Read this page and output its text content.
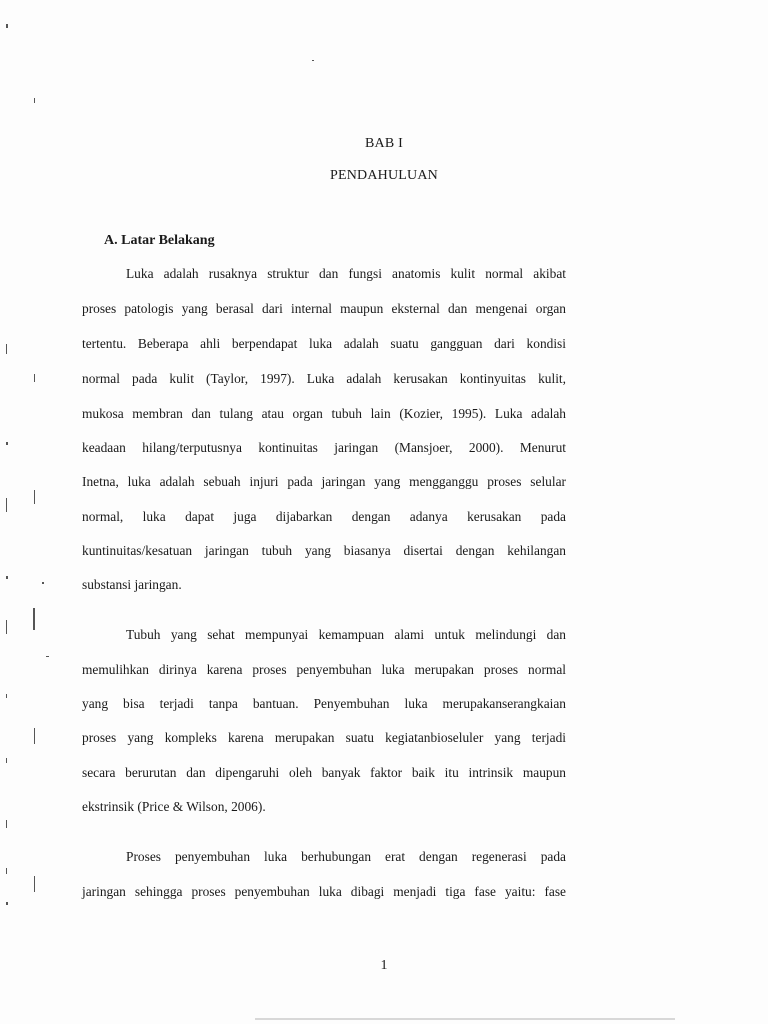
BAB I
PENDAHULUAN
A. Latar Belakang
Luka adalah rusaknya struktur dan fungsi anatomis kulit normal akibat
proses patologis yang berasal dari internal maupun eksternal dan mengenai organ
tertentu. Beberapa ahli berpendapat luka adalah suatu gangguan dari kondisi
normal pada kulit (Taylor, 1997). Luka adalah kerusakan kontinyuitas kulit,
mukosa membran dan tulang atau organ tubuh lain (Kozier, 1995). Luka adalah
keadaan hilang/terputusnya kontinuitas jaringan (Mansjoer, 2000). Menurut
Inetna, luka adalah sebuah injuri pada jaringan yang mengganggu proses selular
normal, luka dapat juga dijabarkan dengan adanya kerusakan pada
kuntinuitas/kesatuan jaringan tubuh yang biasanya disertai dengan kehilangan
substansi jaringan.
Tubuh yang sehat mempunyai kemampuan alami untuk melindungi dan
memulihkan dirinya karena proses penyembuhan luka merupakan proses normal
yang bisa terjadi tanpa bantuan. Penyembuhan luka merupakanserangkaian
proses yang kompleks karena merupakan suatu kegiatanbioseluler yang terjadi
secara berurutan dan dipengaruhi oleh banyak faktor baik itu intrinsik maupun
ekstrinsik (Price & Wilson, 2006).
Proses penyembuhan luka berhubungan erat dengan regenerasi pada
jaringan sehingga proses penyembuhan luka dibagi menjadi tiga fase yaitu: fase
1
